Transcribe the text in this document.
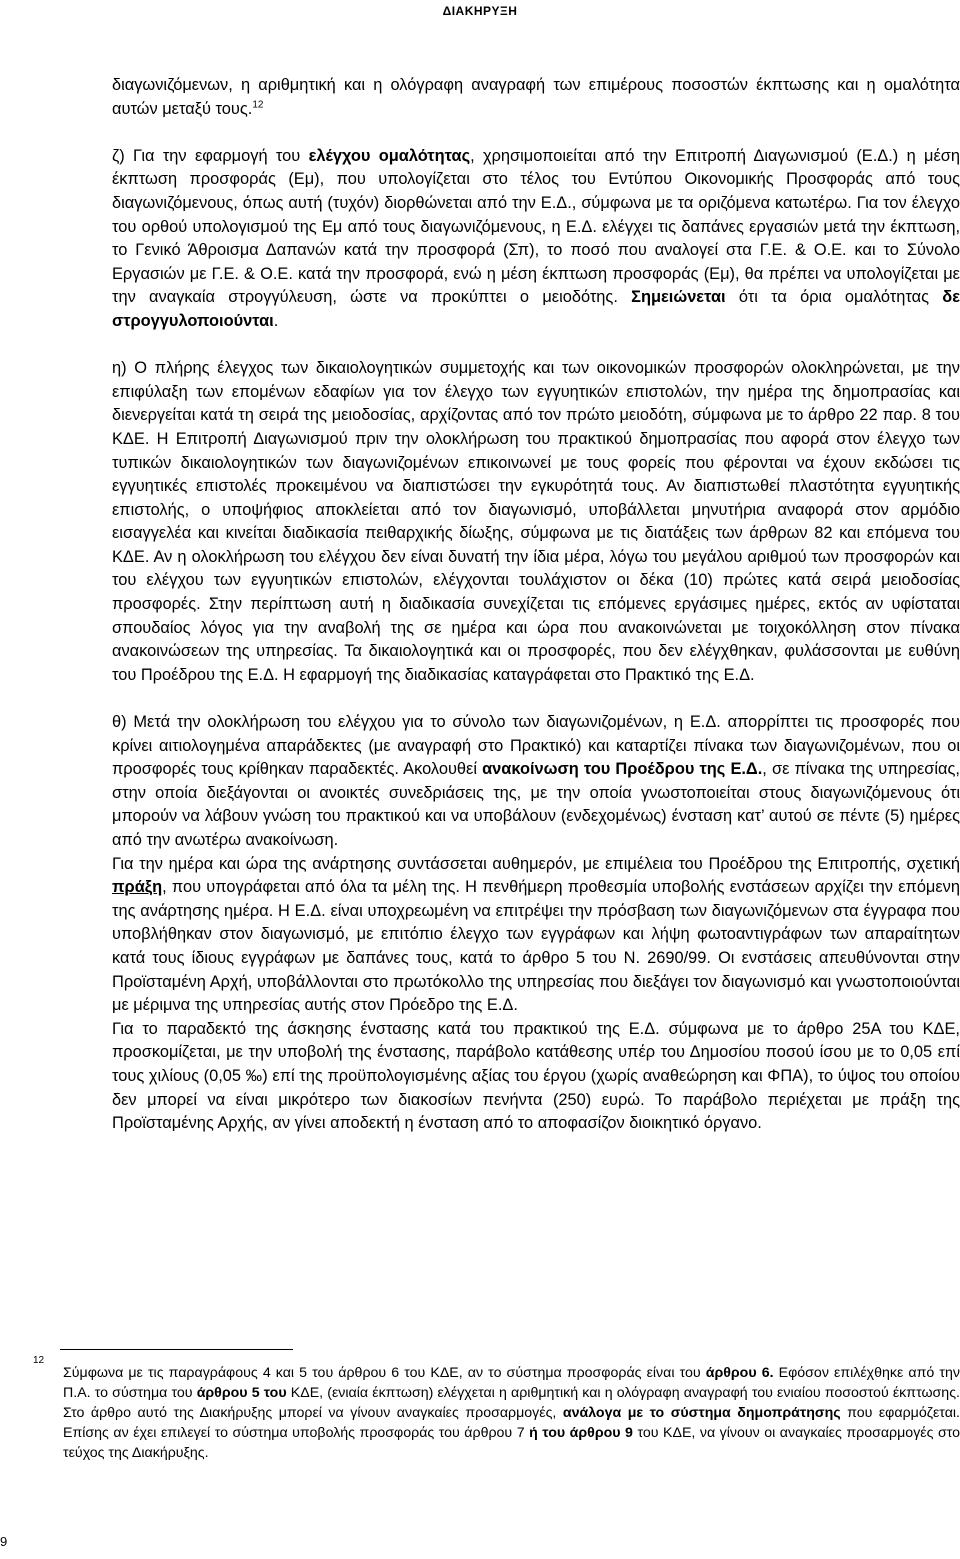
ΔΙΑΚΗΡΥΞΗ

διαγωνιζόμενων, η αριθμητική και η ολόγραφη αναγραφή των επιμέρους ποσοστών έκπτωσης και η ομαλότητα αυτών μεταξύ τους.$^{12}$

ζ) Για την εφαρμογή του ελέγχου ομαλότητας, χρησιμοποιείται από την Επιτροπή Διαγωνισμού (Ε.Δ.) η μέση έκπτωση προσφοράς (Εμ), που υπολογίζεται στο τέλος του Εντύπου Οικονομικής Προσφοράς από τους διαγωνιζόμενους, όπως αυτή (τυχόν) διορθώνεται από την Ε.Δ., σύμφωνα με τα οριζόμενα κατωτέρω. Για τον έλεγχο του ορθού υπολογισμού της Εμ από τους διαγωνιζόμενους, η Ε.Δ. ελέγχει τις δαπάνες εργασιών μετά την έκπτωση, το Γενικό Άθροισμα Δαπανών κατά την προσφορά (Σπ), το ποσό που αναλογεί στα Γ.Ε. & Ο.Ε. και το Σύνολο Εργασιών με Γ.Ε. & Ο.Ε. κατά την προσφορά, ενώ η μέση έκπτωση προσφοράς (Εμ), θα πρέπει να υπολογίζεται με την αναγκαία στρογγύλευση, ώστε να προκύπτει ο μειοδότης. Σημειώνεται ότι τα όρια ομαλότητας δε στρογγυλοποιούνται.

η) Ο πλήρης έλεγχος των δικαιολογητικών συμμετοχής και των οικονομικών προσφορών ολοκληρώνεται, με την επιφύλαξη των επομένων εδαφίων για τον έλεγχο των εγγυητικών επιστολών, την ημέρα της δημοπρασίας και διενεργείται κατά τη σειρά της μειοδοσίας, αρχίζοντας από τον πρώτο μειοδότη, σύμφωνα με το άρθρο 22 παρ. 8 του ΚΔΕ. Η Επιτροπή Διαγωνισμού πριν την ολοκλήρωση του πρακτικού δημοπρασίας που αφορά στον έλεγχο των τυπικών δικαιολογητικών των διαγωνιζομένων επικοινωνεί με τους φορείς που φέρονται να έχουν εκδώσει τις εγγυητικές επιστολές προκειμένου να διαπιστώσει την εγκυρότητά τους. Αν διαπιστωθεί πλαστότητα εγγυητικής επιστολής, ο υποψήφιος αποκλείεται από τον διαγωνισμό, υποβάλλεται μηνυτήρια αναφορά στον αρμόδιο εισαγγελέα και κινείται διαδικασία πειθαρχικής δίωξης, σύμφωνα με τις διατάξεις των άρθρων 82 και επόμενα του ΚΔΕ. Αν η ολοκλήρωση του ελέγχου δεν είναι δυνατή την ίδια μέρα, λόγω του μεγάλου αριθμού των προσφορών και του ελέγχου των εγγυητικών επιστολών, ελέγχονται τουλάχιστον οι δέκα (10) πρώτες κατά σειρά μειοδοσίας προσφορές. Στην περίπτωση αυτή η διαδικασία συνεχίζεται τις επόμενες εργάσιμες ημέρες, εκτός αν υφίσταται σπουδαίος λόγος για την αναβολή της σε ημέρα και ώρα που ανακοινώνεται με τοιχοκόλληση στον πίνακα ανακοινώσεων της υπηρεσίας. Τα δικαιολογητικά και οι προσφορές, που δεν ελέγχθηκαν, φυλάσσονται με ευθύνη του Προέδρου της Ε.Δ. Η εφαρμογή της διαδικασίας καταγράφεται στο Πρακτικό της Ε.Δ.

θ) Μετά την ολοκλήρωση του ελέγχου για το σύνολο των διαγωνιζομένων, η Ε.Δ. απορρίπτει τις προσφορές που κρίνει αιτιολογημένα απαράδεκτες (με αναγραφή στο Πρακτικό) και καταρτίζει πίνακα των διαγωνιζομένων, που οι προσφορές τους κρίθηκαν παραδεκτές. Ακολουθεί ανακοίνωση του Προέδρου της Ε.Δ., σε πίνακα της υπηρεσίας, στην οποία διεξάγονται οι ανοικτές συνεδριάσεις της, με την οποία γνωστοποιείται στους διαγωνιζόμενους ότι μπορούν να λάβουν γνώση του πρακτικού και να υποβάλουν (ενδεχομένως) ένσταση κατ’ αυτού σε πέντε (5) ημέρες από την ανωτέρω ανακοίνωση.

Για την ημέρα και ώρα της ανάρτησης συντάσσεται αυθημερόν, με επιμέλεια του Προέδρου της Επιτροπής, σχετική πράξη, που υπογράφεται από όλα τα μέλη της. Η πενθήμερη προθεσμία υποβολής ενστάσεων αρχίζει την επόμενη της ανάρτησης ημέρα. Η Ε.Δ. είναι υποχρεωμένη να επιτρέψει την πρόσβαση των διαγωνιζόμενων στα έγγραφα που υποβλήθηκαν στον διαγωνισμό, με επιτόπιο έλεγχο των εγγράφων και λήψη φωτοαντιγράφων των απαραίτητων κατά τους ίδιους εγγράφων με δαπάνες τους, κατά το άρθρο 5 του Ν. 2690/99. Οι ενστάσεις απευθύνονται στην Προϊσταμένη Αρχή, υποβάλλονται στο πρωτόκολλο της υπηρεσίας που διεξάγει τον διαγωνισμό και γνωστοποιούνται με μέριμνα της υπηρεσίας αυτής στον Πρόεδρο της Ε.Δ.

Για το παραδεκτό της άσκησης ένστασης κατά του πρακτικού της Ε.Δ. σύμφωνα με το άρθρο 25Α του ΚΔΕ, προσκομίζεται, με την υποβολή της ένστασης, παράβολο κατάθεσης υπέρ του Δημοσίου ποσού ίσου με το 0,05 επί τους χιλίους (0,05 ‰) επί της προϋπολογισμένης αξίας του έργου (χωρίς αναθεώρηση και ΦΠΑ), το ύψος του οποίου δεν μπορεί να είναι μικρότερο των διακοσίων πενήντα (250) ευρώ. Το παράβολο περιέχεται με πράξη της Προϊσταμένης Αρχής, αν γίνει αποδεκτή η ένσταση από το αποφασίζον διοικητικό όργανο.

12
Σύμφωνα με τις παραγράφους 4 και 5 του άρθρου 6 του ΚΔΕ, αν το σύστημα προσφοράς είναι του άρθρου 6. Εφόσον επιλέχθηκε από την Π.Α. το σύστημα του άρθρου 5 του ΚΔΕ, (ενιαία έκπτωση) ελέγχεται η αριθμητική και η ολόγραφη αναγραφή του ενιαίου ποσοστού έκπτωσης. Στο άρθρο αυτό της Διακήρυξης μπορεί να γίνουν αναγκαίες προσαρμογές, ανάλογα με το σύστημα δημοπράτησης που εφαρμόζεται. Επίσης αν έχει επιλεγεί το σύστημα υποβολής προσφοράς του άρθρου 7 ή του άρθρου 9 του ΚΔΕ, να γίνουν οι αναγκαίες προσαρμογές στο τεύχος της Διακήρυξης.
9
